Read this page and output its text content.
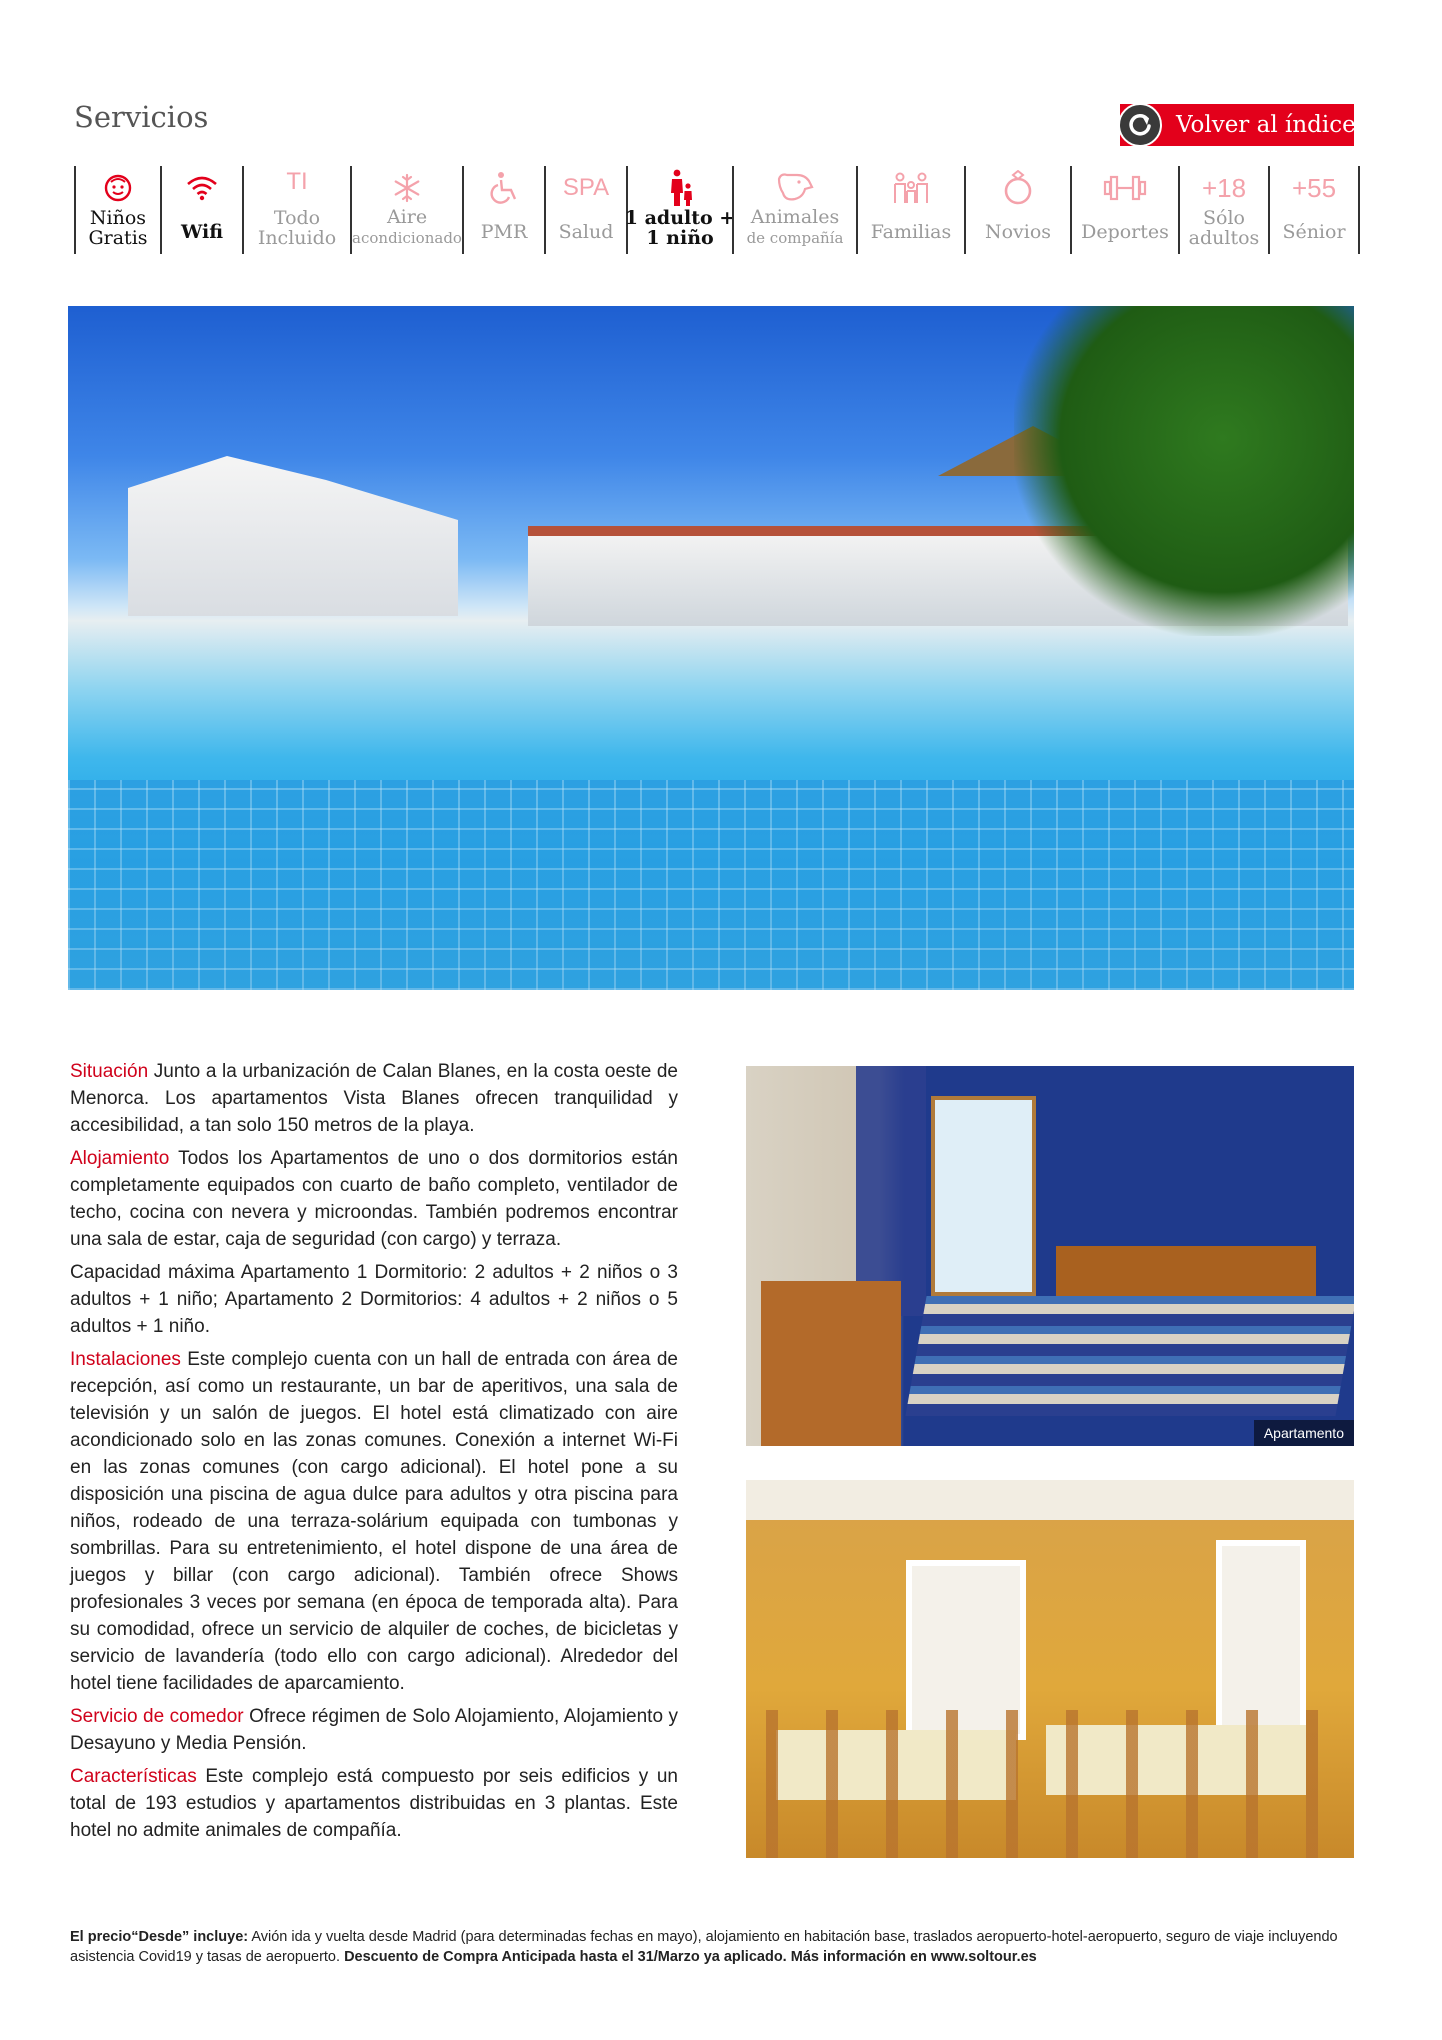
Servicios	Volver al índice
Niños
Gratis Wifi
TI
Todo
Incluido
Aire
acondicionado PMR
SPA
Salud
1 adulto +
1 niño
Animales
de compañía Familias Novios Deportes
+18
Sólo
adultos
+55
Sénior

Situación Junto a la urbanización de Calan Blanes, en la costa oeste de Menorca. Los apartamentos Vista Blanes ofrecen tranquilidad y accesibilidad, a tan solo 150 metros de la playa.

Alojamiento Todos los Apartamentos de uno o dos dormitorios están completamente equipados con cuarto de baño completo, ventilador de techo, cocina con nevera y microondas. También podremos encontrar una sala de estar, caja de seguridad (con cargo) y terraza.

Capacidad máxima Apartamento 1 Dormitorio: 2 adultos + 2 niños o 3 adultos + 1 niño; Apartamento 2 Dormitorios: 4 adultos + 2 niños o 5 adultos + 1 niño.

Instalaciones Este complejo cuenta con un hall de entrada con área de recepción, así como un restaurante, un bar de aperitivos, una sala de televisión y un salón de juegos. El hotel está climatizado con aire acondicionado solo en las zonas comunes. Conexión a internet Wi-Fi en las zonas comunes (con cargo adicional). El hotel pone a su disposición una piscina de agua dulce para adultos y otra piscina para niños, rodeado de una terraza-solárium equipada con tumbonas y sombrillas. Para su entretenimiento, el hotel dispone de una área de juegos y billar (con cargo adicional). También ofrece Shows profesionales 3 veces por semana (en época de temporada alta). Para su comodidad, ofrece un servicio de alquiler de coches, de bicicletas y servicio de lavandería (todo ello con cargo adicional). Alrededor del hotel tiene facilidades de aparcamiento.

Servicio de comedor Ofrece régimen de Solo Alojamiento, Alojamiento y Desayuno y Media Pensión.

Características Este complejo está compuesto por seis edificios y un total de 193 estudios y apartamentos distribuidas en 3 plantas. Este hotel no admite animales de compañía.

Apartamento
El precio“Desde” incluye: Avión ida y vuelta desde Madrid (para determinadas fechas en mayo), alojamiento en habitación base, traslados aeropuerto-hotel-aeropuerto, seguro de viaje incluyendo asistencia Covid19 y tasas de aeropuerto. Descuento de Compra Anticipada hasta el 31/Marzo ya aplicado. Más información en www.soltour.es
